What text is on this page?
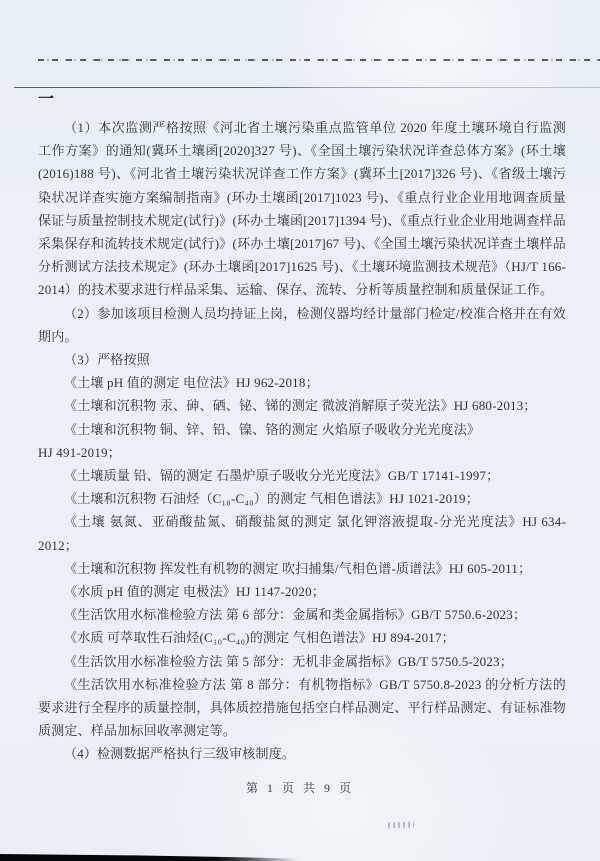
一

（1）本次监测严格按照《河北省土壤污染重点监管单位 2020 年度土壤环境自行监测工作方案》的通知(冀环土壤函[2020]327 号)、《全国土壤污染状况详查总体方案》(环土壤(2016)188 号)、《河北省土壤污染状况详查工作方案》(冀环土[2017]326 号)、《省级土壤污染状况详查实施方案编制指南》(环办土壤函[2017]1023 号)、《重点行业企业用地调查质量保证与质量控制技术规定(试行)》(环办土壤函[2017]1394 号)、《重点行业企业用地调查样品采集保存和流转技术规定(试行)》(环办土壤[2017]67 号)、《全国土壤污染状况详查土壤样品分析测试方法技术规定》(环办土壤函[2017]1625 号)、《土壤环境监测技术规范》（HJ/T 166-2014）的技术要求进行样品采集、运输、保存、流转、分析等质量控制和质量保证工作。

（2）参加该项目检测人员均持证上岗，检测仪器均经计量部门检定/校准合格并在有效期内。

（3）严格按照

《土壤 pH 值的测定 电位法》HJ 962-2018；

《土壤和沉积物 汞、砷、硒、铋、锑的测定 微波消解原子荧光法》HJ 680-2013；

《土壤和沉积物 铜、锌、铅、镍、铬的测定 火焰原子吸收分光光度法》

HJ 491-2019；

《土壤质量 铅、镉的测定 石墨炉原子吸收分光光度法》GB/T 17141-1997；

《土壤和沉积物 石油烃（C₁₀-C₄₀）的测定 气相色谱法》HJ 1021-2019；

《土壤 氨氮、亚硝酸盐氮、硝酸盐氮的测定 氯化钾溶液提取-分光光度法》HJ 634-2012；

《土壤和沉积物 挥发性有机物的测定 吹扫捕集/气相色谱-质谱法》HJ 605-2011；

《水质 pH 值的测定 电极法》HJ 1147-2020；

《生活饮用水标准检验方法 第 6 部分：金属和类金属指标》GB/T 5750.6-2023；

《水质 可萃取性石油烃(C₁₀-C₄₀)的测定 气相色谱法》HJ 894-2017；

《生活饮用水标准检验方法 第 5 部分：无机非金属指标》GB/T 5750.5-2023；

《生活饮用水标准检验方法 第 8 部分：有机物指标》GB/T 5750.8-2023 的分析方法的要求进行全程序的质量控制，具体质控措施包括空白样品测定、平行样品测定、有证标准物质测定、样品加标回收率测定等。

（4）检测数据严格执行三级审核制度。

第 1 页 共 9 页
